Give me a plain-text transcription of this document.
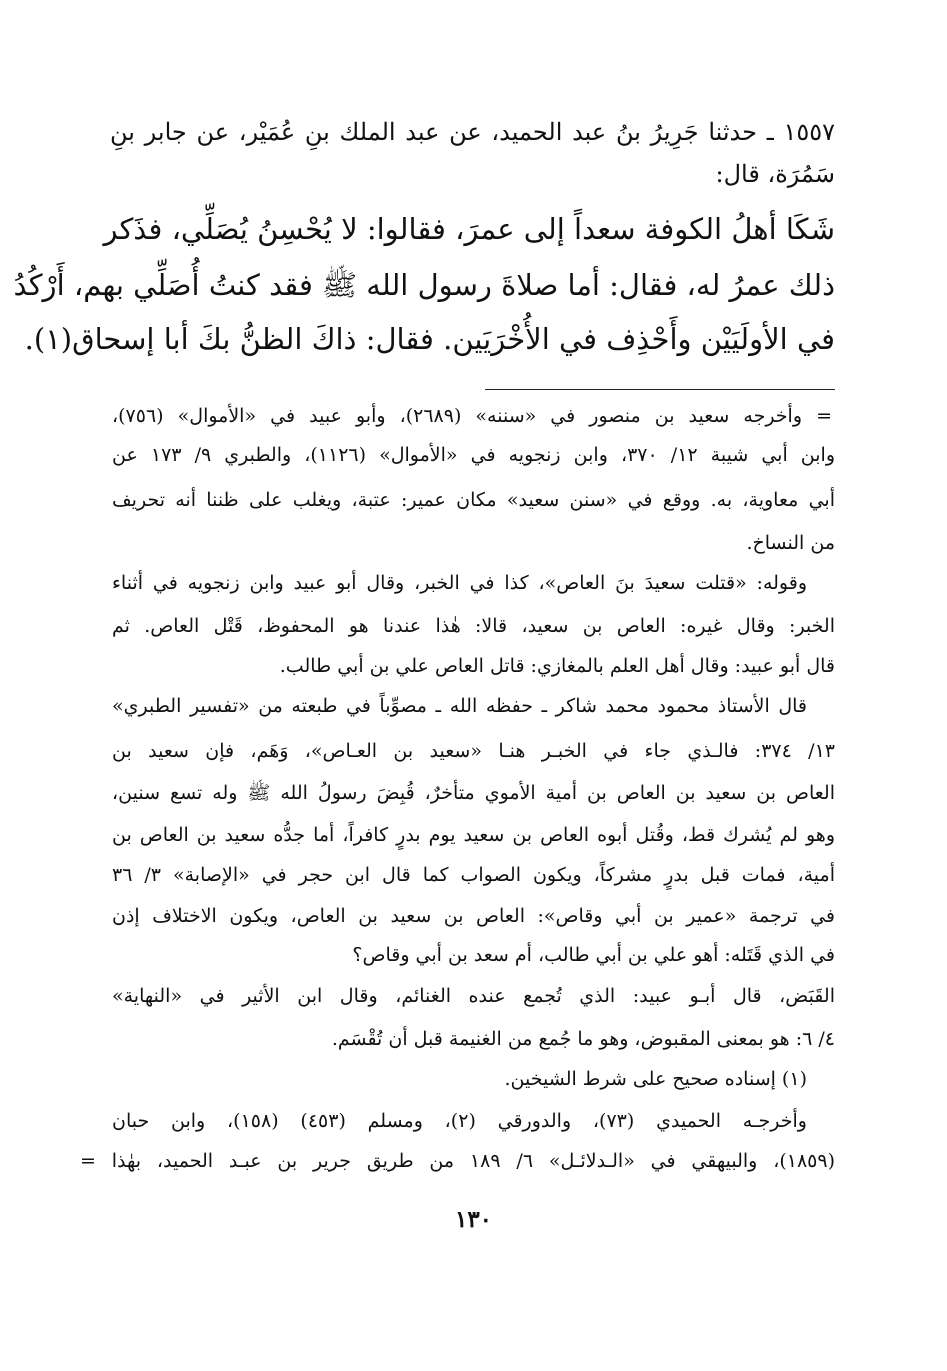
١٥٥٧ ـ حدثنا جَرِيرُ بنُ عبد الحميد، عن عبد الملك بنِ عُمَيْر، عن جابر بنِ

سَمُرَة، قال:

شَكَا أهلُ الكوفة سعداً إلى عمرَ، فقالوا: لا يُحْسِنُ يُصَلِّي، فذَكر

ذلك عمرُ له، فقال: أما صلاةَ رسول الله ﷺ فقد كنتُ أُصَلِّي بهم، أَرْكُدُ

في الأولَيَيْن وأَحْذِف في الأُخْرَيَين. فقال: ذاكَ الظنُّ بكَ أبا إسحاق(١).

= وأخرجه سعيد بن منصور في «سننه» (٢٦٨٩)، وأبو عبيد في «الأموال» (٧٥٦)،

وابن أبي شيبة ١٢/ ٣٧٠، وابن زنجويه في «الأموال» (١١٢٦)، والطبري ٩/ ١٧٣ عن

أبي معاوية، به. ووقع في «سنن سعيد» مكان عمير: عتبة، ويغلب على ظننا أنه تحريف

من النساخ.

وقوله: «قتلت سعيدَ بنَ العاص»، كذا في الخبر، وقال أبو عبيد وابن زنجويه في أثناء

الخبر: وقال غيره: العاص بن سعيد، قالا: هٰذا عندنا هو المحفوظ، قَتْل العاص. ثم

قال أبو عبيد: وقال أهل العلم بالمغازي: قاتل العاص علي بن أبي طالب.

قال الأستاذ محمود محمد شاكر ـ حفظه الله ـ مصوِّباً في طبعته من «تفسير الطبري»

١٣/ ٣٧٤: فالـذي جاء في الخبـر هنـا «سعيد بن العـاص»، وَهَم، فإن سعيد بن

العاص بن سعيد بن العاص بن أمية الأموي متأخرٌ، قُبِضَ رسولُ الله ﷺ وله تسع سنين،

وهو لم يُشرك قط، وقُتل أبوه العاص بن سعيد يوم بدرٍ كافراً، أما جدُّه سعيد بن العاص بن

أمية، فمات قبل بدرٍ مشركاً، ويكون الصواب كما قال ابن حجر في «الإصابة» ٣/ ٣٦

في ترجمة «عمير بن أبي وقاص»: العاص بن سعيد بن العاص، ويكون الاختلاف إذن

في الذي قَتَله: أهو علي بن أبي طالب، أم سعد بن أبي وقاص؟

القَبَض، قال أبـو عبيد: الذي تُجمع عنده الغنائم، وقال ابن الأثير في «النهاية»

٤/ ٦: هو بمعنى المقبوض، وهو ما جُمع من الغنيمة قبل أن تُقْسَم.

(١) إسناده صحيح على شرط الشيخين.

وأخرجـه الحميدي (٧٣)، والدورقي (٢)، ومسلم (٤٥٣) (١٥٨)، وابن حبان

(١٨٥٩)، والبيهقي في «الـدلائـل» ٦/ ١٨٩ من طريق جرير بن عبـد الحميد، بهٰذا =

١٣٠
